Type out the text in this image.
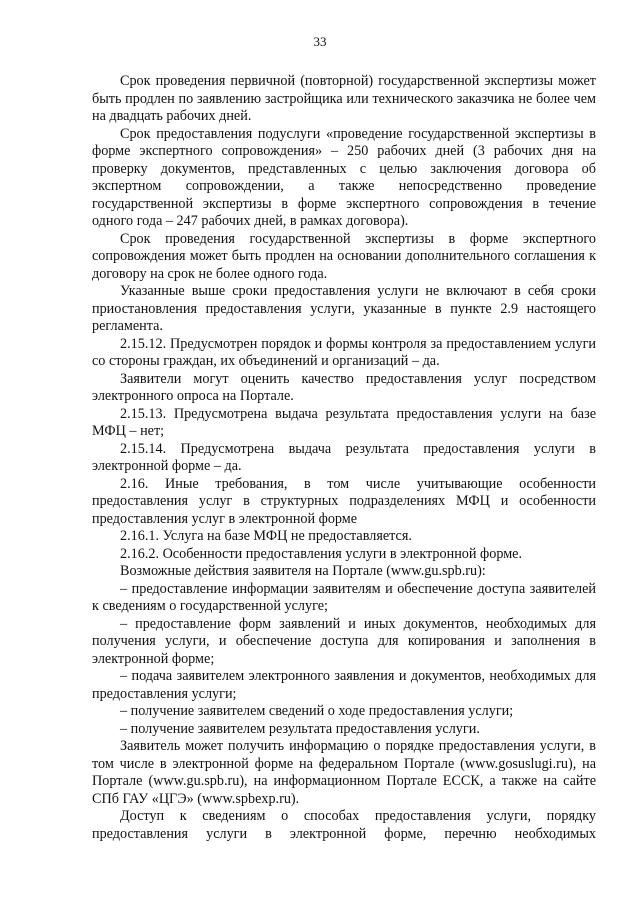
33

Срок проведения первичной (повторной) государственной экспертизы может быть продлен по заявлению застройщика или технического заказчика не более чем на двадцать рабочих дней.

Срок предоставления подуслуги «проведение государственной экспертизы в форме экспертного сопровождения» – 250 рабочих дней (3 рабочих дня на проверку документов, представленных с целью заключения договора об экспертном сопровождении, а также непосредственно проведение государственной экспертизы в форме экспертного сопровождения в течение одного года – 247 рабочих дней, в рамках договора).

Срок проведения государственной экспертизы в форме экспертного сопровождения может быть продлен на основании дополнительного соглашения к договору на срок не более одного года.

Указанные выше сроки предоставления услуги не включают в себя сроки приостановления предоставления услуги, указанные в пункте 2.9 настоящего регламента.

2.15.12. Предусмотрен порядок и формы контроля за предоставлением услуги со стороны граждан, их объединений и организаций – да.

Заявители могут оценить качество предоставления услуг посредством электронного опроса на Портале.

2.15.13. Предусмотрена выдача результата предоставления услуги на базе МФЦ – нет;

2.15.14. Предусмотрена выдача результата предоставления услуги в электронной форме – да.

2.16. Иные требования, в том числе учитывающие особенности предоставления услуг в структурных подразделениях МФЦ и особенности предоставления услуг в электронной форме

2.16.1. Услуга на базе МФЦ не предоставляется.

2.16.2. Особенности предоставления услуги в электронной форме.

Возможные действия заявителя на Портале (www.gu.spb.ru):

– предоставление информации заявителям и обеспечение доступа заявителей к сведениям о государственной услуге;

– предоставление форм заявлений и иных документов, необходимых для получения услуги, и обеспечение доступа для копирования и заполнения в электронной форме;

– подача заявителем электронного заявления и документов, необходимых для предоставления услуги;

– получение заявителем сведений о ходе предоставления услуги;

– получение заявителем результата предоставления услуги.

Заявитель может получить информацию о порядке предоставления услуги, в том числе в электронной форме на федеральном Портале (www.gosuslugi.ru), на Портале (www.gu.spb.ru), на информационном Портале ЕССК, а также на сайте СПб ГАУ «ЦГЭ» (www.spbexp.ru).

Доступ к сведениям о способах предоставления услуги, порядку предоставления услуги в электронной форме, перечню необходимых
